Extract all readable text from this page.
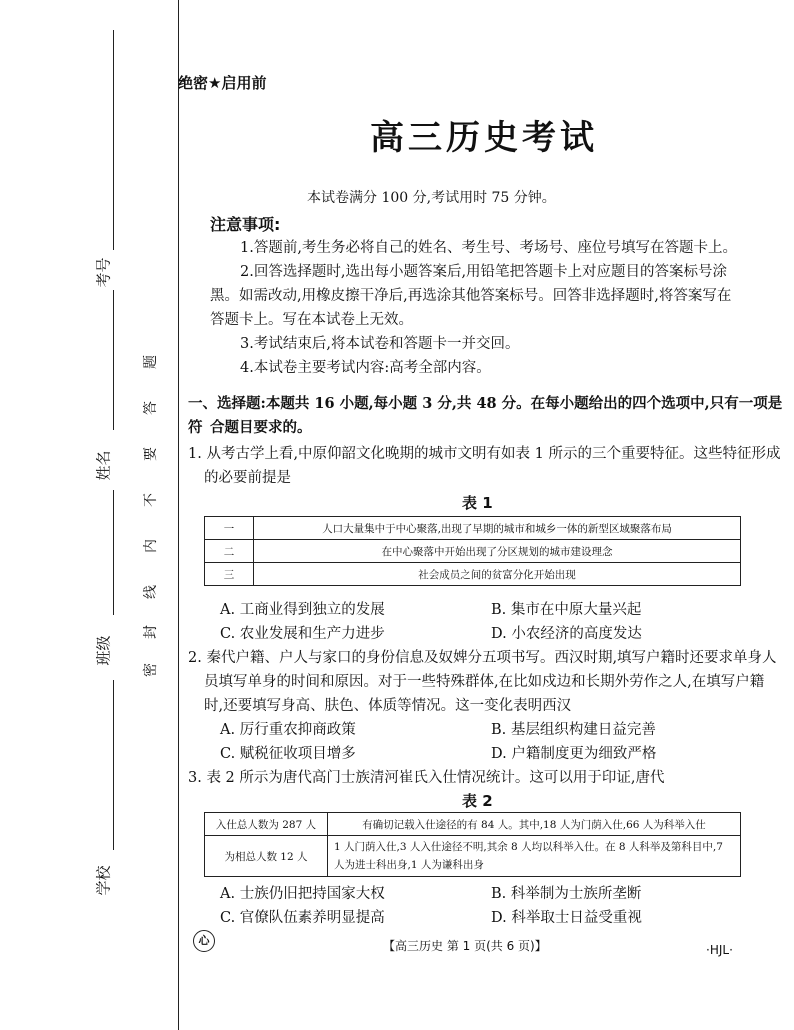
考号
姓名
班级
学校
题
答
要
不
内
线
封
密
绝密★启用前
高三历史考试
本试卷满分 100 分,考试用时 75 分钟。
注意事项:
1.答题前,考生务必将自己的姓名、考生号、考场号、座位号填写在答题卡上。
2.回答选择题时,选出每小题答案后,用铅笔把答题卡上对应题目的答案标号涂
黑。如需改动,用橡皮擦干净后,再选涂其他答案标号。回答非选择题时,将答案写在
答题卡上。写在本试卷上无效。
3.考试结束后,将本试卷和答题卡一并交回。
4.本试卷主要考试内容:高考全部内容。
一、选择题:本题共 16 小题,每小题 3 分,共 48 分。在每小题给出的四个选项中,只有一项是符 合题目要求的。
1. 从考古学上看,中原仰韶文化晚期的城市文明有如表 1 所示的三个重要特征。这些特征形成
的必要前提是
表 1
一	人口大量集中于中心聚落,出现了早期的城市和城乡一体的新型区域聚落布局
二	在中心聚落中开始出现了分区规划的城市建设理念
三	社会成员之间的贫富分化开始出现
A. 工商业得到独立的发展	B. 集市在中原大量兴起
C. 农业发展和生产力进步	D. 小农经济的高度发达
2. 秦代户籍、户人与家口的身份信息及奴婢分五项书写。西汉时期,填写户籍时还要求单身人
员填写单身的时间和原因。对于一些特殊群体,在比如戍边和长期外劳作之人,在填写户籍
时,还要填写身高、肤色、体质等情况。这一变化表明西汉
A. 厉行重农抑商政策	B. 基层组织构建日益完善
C. 赋税征收项目增多	D. 户籍制度更为细致严格
3. 表 2 所示为唐代高门士族清河崔氏入仕情况统计。这可以用于印证,唐代
表 2
入仕总人数为 287 人	有确切记载入仕途径的有 84 人。其中,18 人为门荫入仕,66 人为科举入仕
为相总人数 12 人	1 人门荫入仕,3 人入仕途径不明,其余 8 人均以科举入仕。在 8 人科举及第科目中,7 人为进士科出身,1 人为谦科出身
A. 士族仍旧把持国家大权	B. 科举制为士族所垄断
C. 官僚队伍素养明显提高	D. 科举取士日益受重视
心	【高三历史 第 1 页(共 6 页)】	·HJL·
